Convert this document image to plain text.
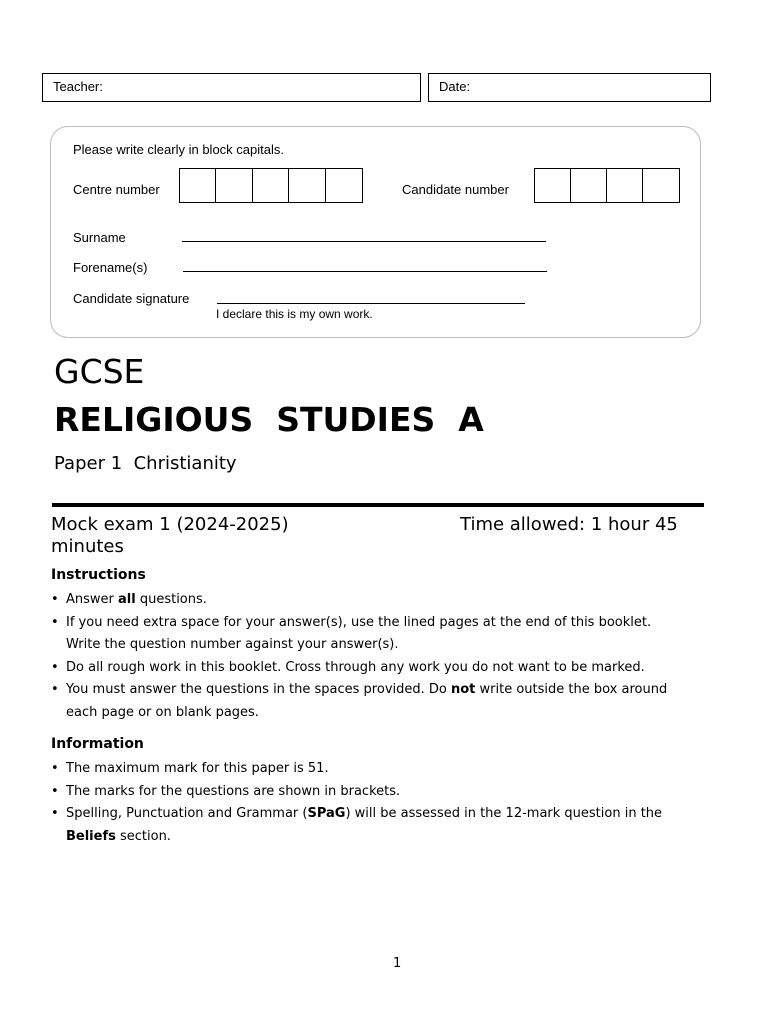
Teacher:	Date:
Please write clearly in block capitals.
Centre number	Candidate number
Surname
Forename(s)
Candidate signature
I declare this is my own work.
GCSE
RELIGIOUS  STUDIES  A
Paper 1  Christianity
Mock exam 1 (2024-2025)	Time allowed: 1 hour 45
minutes
Instructions
• Answer all questions.
• If you need extra space for your answer(s), use the lined pages at the end of this booklet.
Write the question number against your answer(s).
• Do all rough work in this booklet. Cross through any work you do not want to be marked.
• You must answer the questions in the spaces provided. Do not write outside the box around
each page or on blank pages.
Information
• The maximum mark for this paper is 51.
• The marks for the questions are shown in brackets.
• Spelling, Punctuation and Grammar (SPaG) will be assessed in the 12-mark question in the
Beliefs section.
1
